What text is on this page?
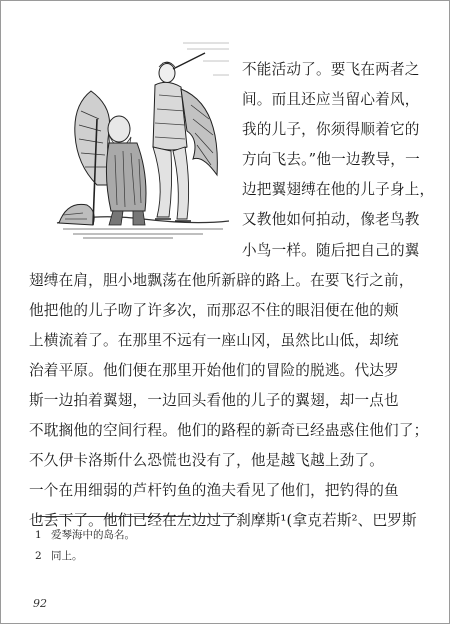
不能活动了。要飞在两者之
间。而且还应当留心着风，
我的儿子，你须得顺着它的
方向飞去。”他一边教导，一
边把翼翅缚在他的儿子身上，
又教他如何拍动，像老鸟教
小鸟一样。随后把自己的翼
翅缚在肩，胆小地飘荡在他所新辟的路上。在要飞行之前，
他把他的儿子吻了许多次，而那忍不住的眼泪便在他的颊
上横流着了。在那里不远有一座山冈，虽然比山低，却统
治着平原。他们便在那里开始他们的冒险的脱逃。代达罗
斯一边拍着翼翅，一边回头看他的儿子的翼翅，却一点也
不耽搁他的空间行程。他们的路程的新奇已经蛊惑住他们了；
不久伊卡洛斯什么恐慌也没有了，他是越飞越上劲了。
一个在用细弱的芦杆钓鱼的渔夫看见了他们，把钓得的鱼
也丢下了。他们已经在左边过了刹摩斯¹(拿克若斯²、巴罗斯
1 爱琴海中的岛名。
2 同上。
92
